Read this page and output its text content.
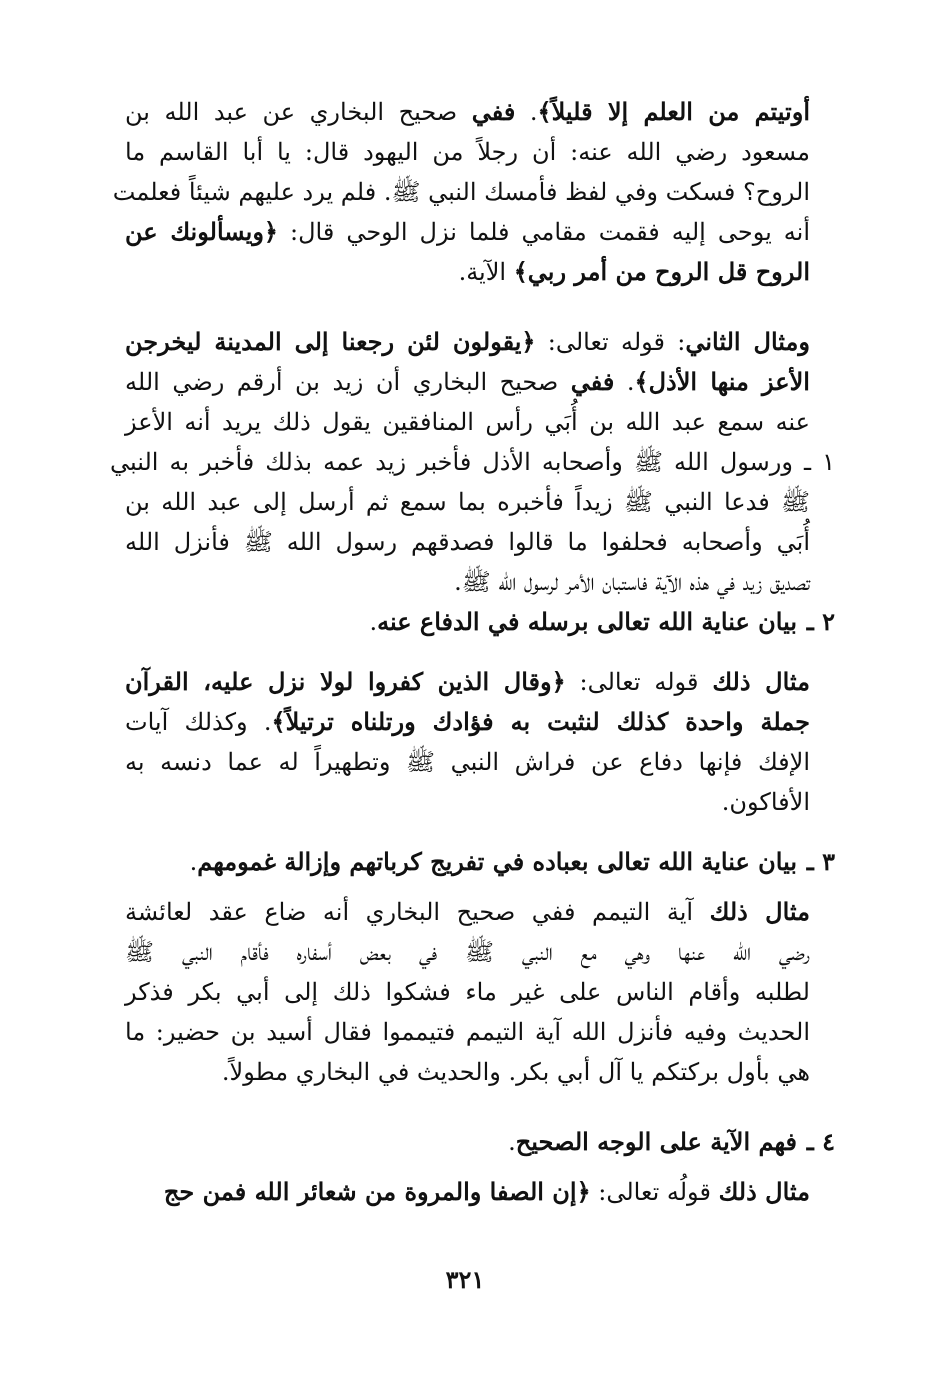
أوتيتم من العلم إلا قليلاً﴾. ففي صحيح البخاري عن عبد الله بن
مسعود رضي الله عنه: أن رجلاً من اليهود قال: يا أبا القاسم ما
الروح؟ فسكت وفي لفظ فأمسك النبي ﷺ. فلم يرد عليهم شيئاً فعلمت
أنه يوحى إليه فقمت مقامي فلما نزل الوحي قال: ﴿ويسألونك عن
الروح قل الروح من أمر ربي﴾ الآية.
ومثال الثاني: قوله تعالى: ﴿يقولون لئن رجعنا إلى المدينة ليخرجن
الأعز منها الأذل﴾. ففي صحيح البخاري أن زيد بن أرقم رضي الله
عنه سمع عبد الله بن أُبَي رأس المنافقين يقول ذلك يريد أنه الأعز
١ ـ ورسول الله ﷺ وأصحابه الأذل فأخبر زيد عمه بذلك فأخبر به النبي
ﷺ فدعا النبي ﷺ زيداً فأخبره بما سمع ثم أرسل إلى عبد الله بن
أُبَي وأصحابه فحلفوا ما قالوا فصدقهم رسول الله ﷺ فأنزل الله
تصديق زيد في هذه الآية فاستبان الأمر لرسول الله ﷺ.
٢ ـبيان عناية الله تعالى برسله في الدفاع عنه.
مثال ذلك قوله تعالى: ﴿وقال الذين كفروا لولا نزل عليه، القرآن
جملة واحدة كذلك لنثبت به فؤادك ورتلناه ترتيلاً﴾. وكذلك آيات
الإفك فإنها دفاع عن فراش النبي ﷺ وتطهيراً له عما دنسه به
الأفاكون.
٣ ـبيان عناية الله تعالى بعباده في تفريج كرباتهم وإزالة غمومهم.
مثال ذلك آية التيمم ففي صحيح البخاري أنه ضاع عقد لعائشة
رضي الله عنها وهي مع النبي ﷺ في بعض أسفاره فأقام النبي ﷺ
لطلبه وأقام الناس على غير ماء فشكوا ذلك إلى أبي بكر فذكر
الحديث وفيه فأنزل الله آية التيمم فتيمموا فقال أسيد بن حضير: ما
هي بأول بركتكم يا آل أبي بكر. والحديث في البخاري مطولاً.
٤ ـفهم الآية على الوجه الصحيح.
مثال ذلك قولُه تعالى: ﴿إن الصفا والمروة من شعائر الله فمن حج
٣٢١
